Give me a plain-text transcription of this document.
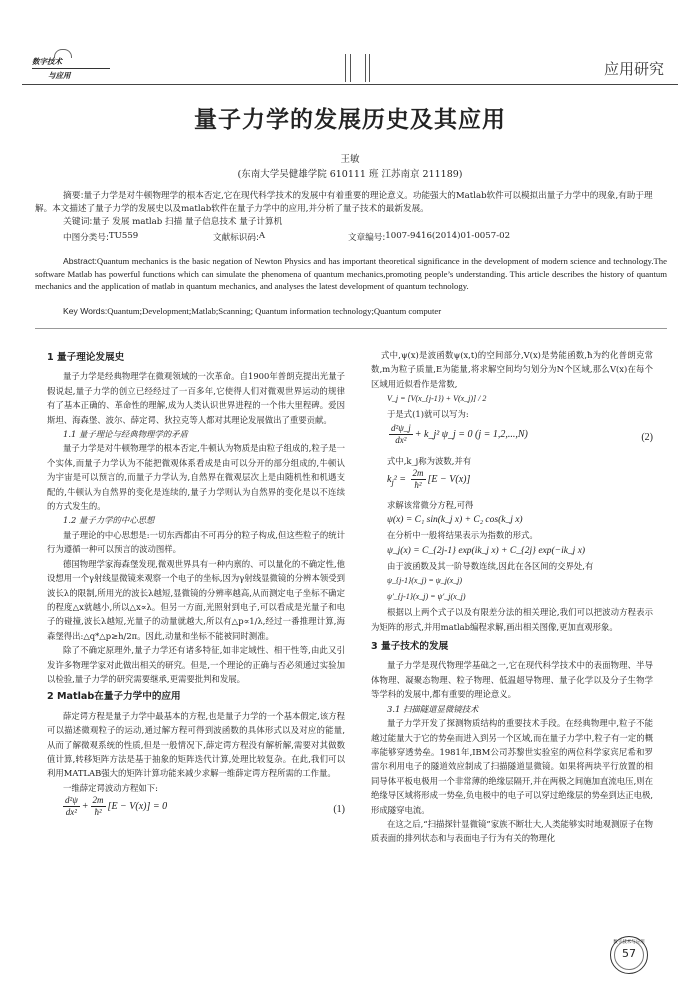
数字技术
与应用	应用研究
量子力学的发展历史及其应用
王敏
(东南大学吴健雄学院 610111 班 江苏南京 211189)
摘要:量子力学是对牛顿物理学的根本否定,它在现代科学技术的发展中有着重要的理论意义。功能强大的Matlab软件可以模拟出量子力学中的现象,有助于理解。本文描述了量子力学的发展史以及matlab软件在量子力学中的应用,并分析了量子技术的最新发展。
关键词:量子 发展 matlab 扫描 量子信息技术 量子计算机
中图分类号: TU559	文献标识码: A	文章编号: 1007-9416(2014)01-0057-02
Abstract:Quantum mechanics is the basic negation of Newton Physics and has important theoretical significance in the development of modern science and technology.The software Matlab has powerful functions which can simulate the phenomena of quantum mechanics,promoting people’s understanding. This article describes the history of quantum mechanics and the application of matlab in quantum mechanics, and analyses the latest development of quantum technology.
Key Words:Quantum;Development;Matlab;Scanning; Quantum information technology;Quantum computer
1 量子理论发展史

量子力学是经典物理学在微观领域的一次革命。自1900年普朗克提出光量子假说起,量子力学的创立已经经过了一百多年,它使得人们对微观世界运动的规律有了基本正确的、革命性的理解,成为人类认识世界进程的一个伟大里程碑。爱因斯坦、海森堡、波尔、薛定谔、狄拉克等人都对其理论发展做出了重要贡献。

1.1 量子理论与经典物理学的矛盾

量子力学是对牛顿物理学的根本否定,牛顿认为物质是由粒子组成的,粒子是一个实体,而量子力学认为不能把微观体系看成是由可以分开的部分组成的,牛顿认为宇宙是可以预言的,而量子力学认为,自然界在微观层次上是由随机性和机遇支配的,牛顿认为自然界的变化是连续的,量子力学则认为自然界的变化是以不连续的方式发生的。

1.2 量子力学的中心思想

量子理论的中心思想是:一切东西都由不可再分的粒子构成,但这些粒子的统计行为遵循一种可以预言的波动图样。

德国物理学家海森堡发现,微观世界具有一种内禀的、可以量化的不确定性,他设想用一个γ射线显微镜来观察一个电子的坐标,因为γ射线显微镜的分辨本领受到波长λ的限制,所用光的波长λ越短,显微镜的分辨率越高,从而测定电子坐标不确定的程度△x就越小,所以△x∝λ。但另一方面,光照射到电子,可以看成是光量子和电子的碰撞,波长λ越短,光量子的动量就越大,所以有△p∝1/λ,经过一番推理计算,海森堡得出:△q*△p≥h/2π。因此,动量和坐标不能被同时测准。

除了不确定原理外,量子力学还有诸多特征,如非定域性、相干性等,由此又引发许多物理学家对此做出相关的研究。但是,一个理论的正确与否必须通过实验加以检验,量子力学的研究需要继承,更需要批判和发展。

2 Matlab在量子力学中的应用

薛定谔方程是量子力学中最基本的方程,也是量子力学的一个基本假定,该方程可以描述微观粒子的运动,通过解方程可得到波函数的具体形式以及对应的能量,从而了解微观系统的性质,但是一般情况下,薛定谔方程没有解析解,需要对其做数值计算,转移矩阵方法是基于抽象的矩阵迭代计算,处理比较复杂。在此,我们可以利用MATLAB强大的矩阵计算功能来减少求解一维薛定谔方程所需的工作量。

一维薛定谔波动方程如下:

$\frac{\text{d²ψ}}{\text{dx²}} + \frac{2m}{\text{ħ²}} [E - V(x)] = 0$	(1)

式中,ψ(x)是波函数ψ(x,t)的空间部分,V(x)是势能函数,ħ为约化普朗克常数,m为粒子质量,E为能量,将求解空间均匀划分为N个区域,那么V(x)在每个区域用近似看作是常数,

V_j = [V(x_{j-1}) + V(x_j)] / 2

于是式(1)就可以写为:

$\frac{\text{d²ψ\_j}}{\text{dx²}}$ + k_j² ψ_j = 0 (j = 1,2,...,N)	(2)

式中,k_j称为波数,并有

$k_j^2 = \frac{2m}{\text{ħ²}} [E - V(x)]$

求解该常微分方程,可得

ψ(x) = C₁ sin(k_j x) + C₂ cos(k_j x)

在分析中一般将结果表示为指数的形式。

ψ_j(x) = C_{2j-1} exp(ik_j x) + C_{2j} exp(−ik_j x)

由于波函数及其一阶导数连续,因此在各区间的交界处,有

ψ_{j-1}(x_j) = ψ_j(x_j)

ψ′_{j-1}(x_j) = ψ′_j(x_j)

根据以上两个式子以及有限差分法的相关理论,我们可以把波动方程表示为矩阵的形式,并用matlab编程求解,画出相关图像,更加直观形象。

3 量子技术的发展

量子力学是现代物理学基础之一,它在现代科学技术中的表面物理、半导体物理、凝聚态物理、粒子物理、低温超导物理、量子化学以及分子生物学等学科的发展中,都有重要的理论意义。

3.1 扫描隧道显微镜技术

量子力学开发了探测物质结构的重要技术手段。在经典物理中,粒子不能越过能量大于它的势垒而进入到另一个区域,而在量子力学中,粒子有一定的概率能够穿透势垒。1981年,IBM公司苏黎世实验室的两位科学家宾尼希和罗雷尔利用电子的隧道效应制成了扫描隧道显微镜。如果将两块平行放置的相同导体平板电极用一个非常薄的绝缘层隔开,并在两极之间施加直流电压,则在绝缘导区域将形成一势垒,负电极中的电子可以穿过绝缘层的势垒到达正电极,形成隧穿电流。

在这之后,“扫描探针显微镜”家族不断壮大,人类能够实时地观测原子在物质表面的排列状态和与表面电子行为有关的物理化

数字技术与应用
57
